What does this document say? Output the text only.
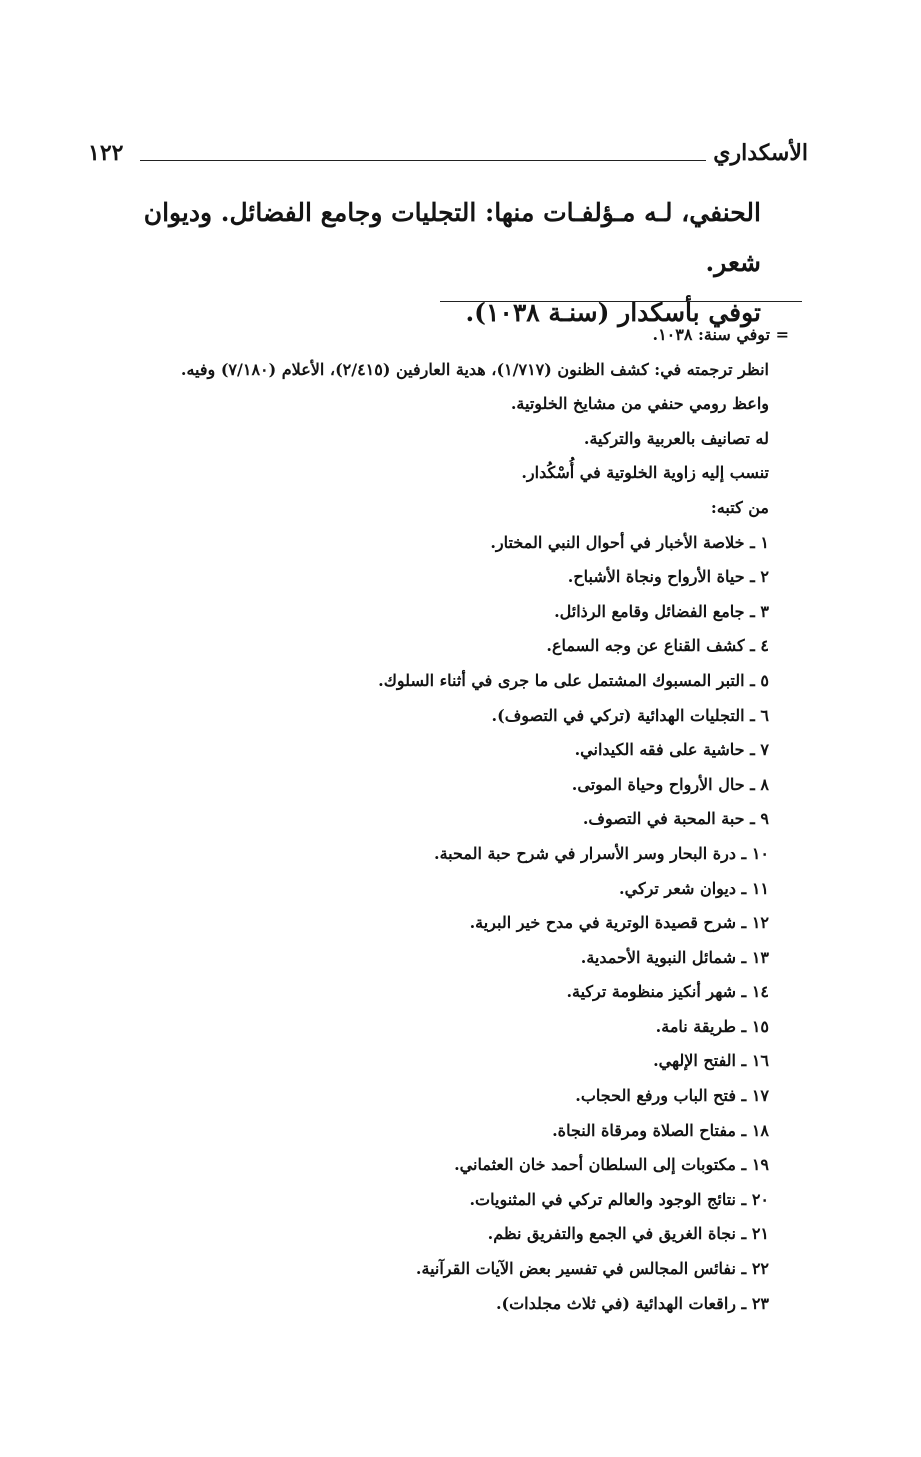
الأسكداري
١٢٢

الحنفي، لـه مـؤلفـات منها: التجليات وجامع الفضائل. وديوان شعر.

توفي بأسكدار (سنـة ١٠٣٨).

= توفي سنة: ١٠٣٨.
انظر ترجمته في: كشف الظنون (١/٧١٧)، هدية العارفين (٢/٤١٥)، الأعلام (٧/١٨٠) وفيه.
واعظ رومي حنفي من مشايخ الخلوتية.
له تصانيف بالعربية والتركية.
تنسب إليه زاوية الخلوتية في أُسْكُدار.
من كتبه:
١ ـ خلاصة الأخبار في أحوال النبي المختار.
٢ ـ حياة الأرواح ونجاة الأشباح.
٣ ـ جامع الفضائل وقامع الرذائل.
٤ ـ كشف القناع عن وجه السماع.
٥ ـ التبر المسبوك المشتمل على ما جرى في أثناء السلوك.
٦ ـ التجليات الهدائية (تركي في التصوف).
٧ ـ حاشية على فقه الكيداني.
٨ ـ حال الأرواح وحياة الموتى.
٩ ـ حبة المحبة في التصوف.
١٠ ـ درة البحار وسر الأسرار في شرح حبة المحبة.
١١ ـ ديوان شعر تركي.
١٢ ـ شرح قصيدة الوترية في مدح خير البرية.
١٣ ـ شمائل النبوية الأحمدية.
١٤ ـ شهر أنكيز منظومة تركية.
١٥ ـ طريقة نامة.
١٦ ـ الفتح الإلهي.
١٧ ـ فتح الباب ورفع الحجاب.
١٨ ـ مفتاح الصلاة ومرقاة النجاة.
١٩ ـ مكتوبات إلى السلطان أحمد خان العثماني.
٢٠ ـ نتائج الوجود والعالم تركي في المثنويات.
٢١ ـ نجاة الغريق في الجمع والتفريق نظم.
٢٢ ـ نفائس المجالس في تفسير بعض الآيات القرآنية.
٢٣ ـ راقعات الهدائية (في ثلاث مجلدات).
